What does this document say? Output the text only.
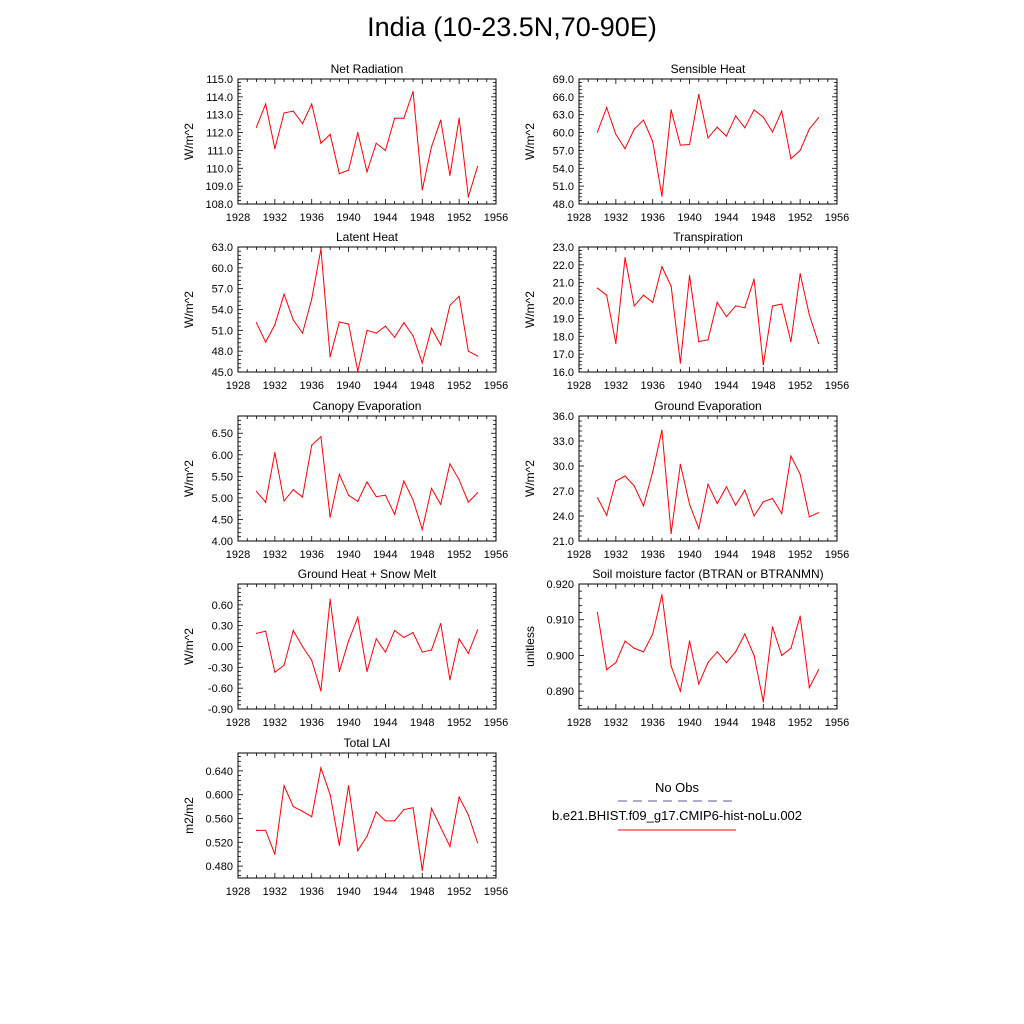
India (10-23.5N,70-90E)
Net Radiation
W/m^2
1928 1932 1936 1940 1944 1948 1952 1956
108.0
109.0
110.0
111.0
112.0
113.0
114.0
115.0
Sensible Heat
W/m^2
1928 1932 1936 1940 1944 1948 1952 1956
48.0
51.0
54.0
57.0
60.0
63.0
66.0
69.0
Latent Heat
W/m^2
1928 1932 1936 1940 1944 1948 1952 1956
45.0
48.0
51.0
54.0
57.0
60.0
63.0
Transpiration
W/m^2
1928 1932 1936 1940 1944 1948 1952 1956
16.0
17.0
18.0
19.0
20.0
21.0
22.0
23.0
Canopy Evaporation
W/m^2
1928 1932 1936 1940 1944 1948 1952 1956
4.00
4.50
5.00
5.50
6.00
6.50
Ground Evaporation
W/m^2
1928 1932 1936 1940 1944 1948 1952 1956
21.0
24.0
27.0
30.0
33.0
36.0
Ground Heat + Snow Melt
W/m^2
1928 1932 1936 1940 1944 1948 1952 1956
-0.90
-0.60
-0.30
0.00
0.30
0.60
Soil moisture factor (BTRAN or BTRANMN)
unitless
1928 1932 1936 1940 1944 1948 1952 1956
0.890
0.900
0.910
0.920
Total LAI
m2/m2
1928 1932 1936 1940 1944 1948 1952 1956
0.480
0.520
0.560
0.600
0.640
No Obs
b.e21.BHIST.f09_g17.CMIP6-hist-noLu.002
